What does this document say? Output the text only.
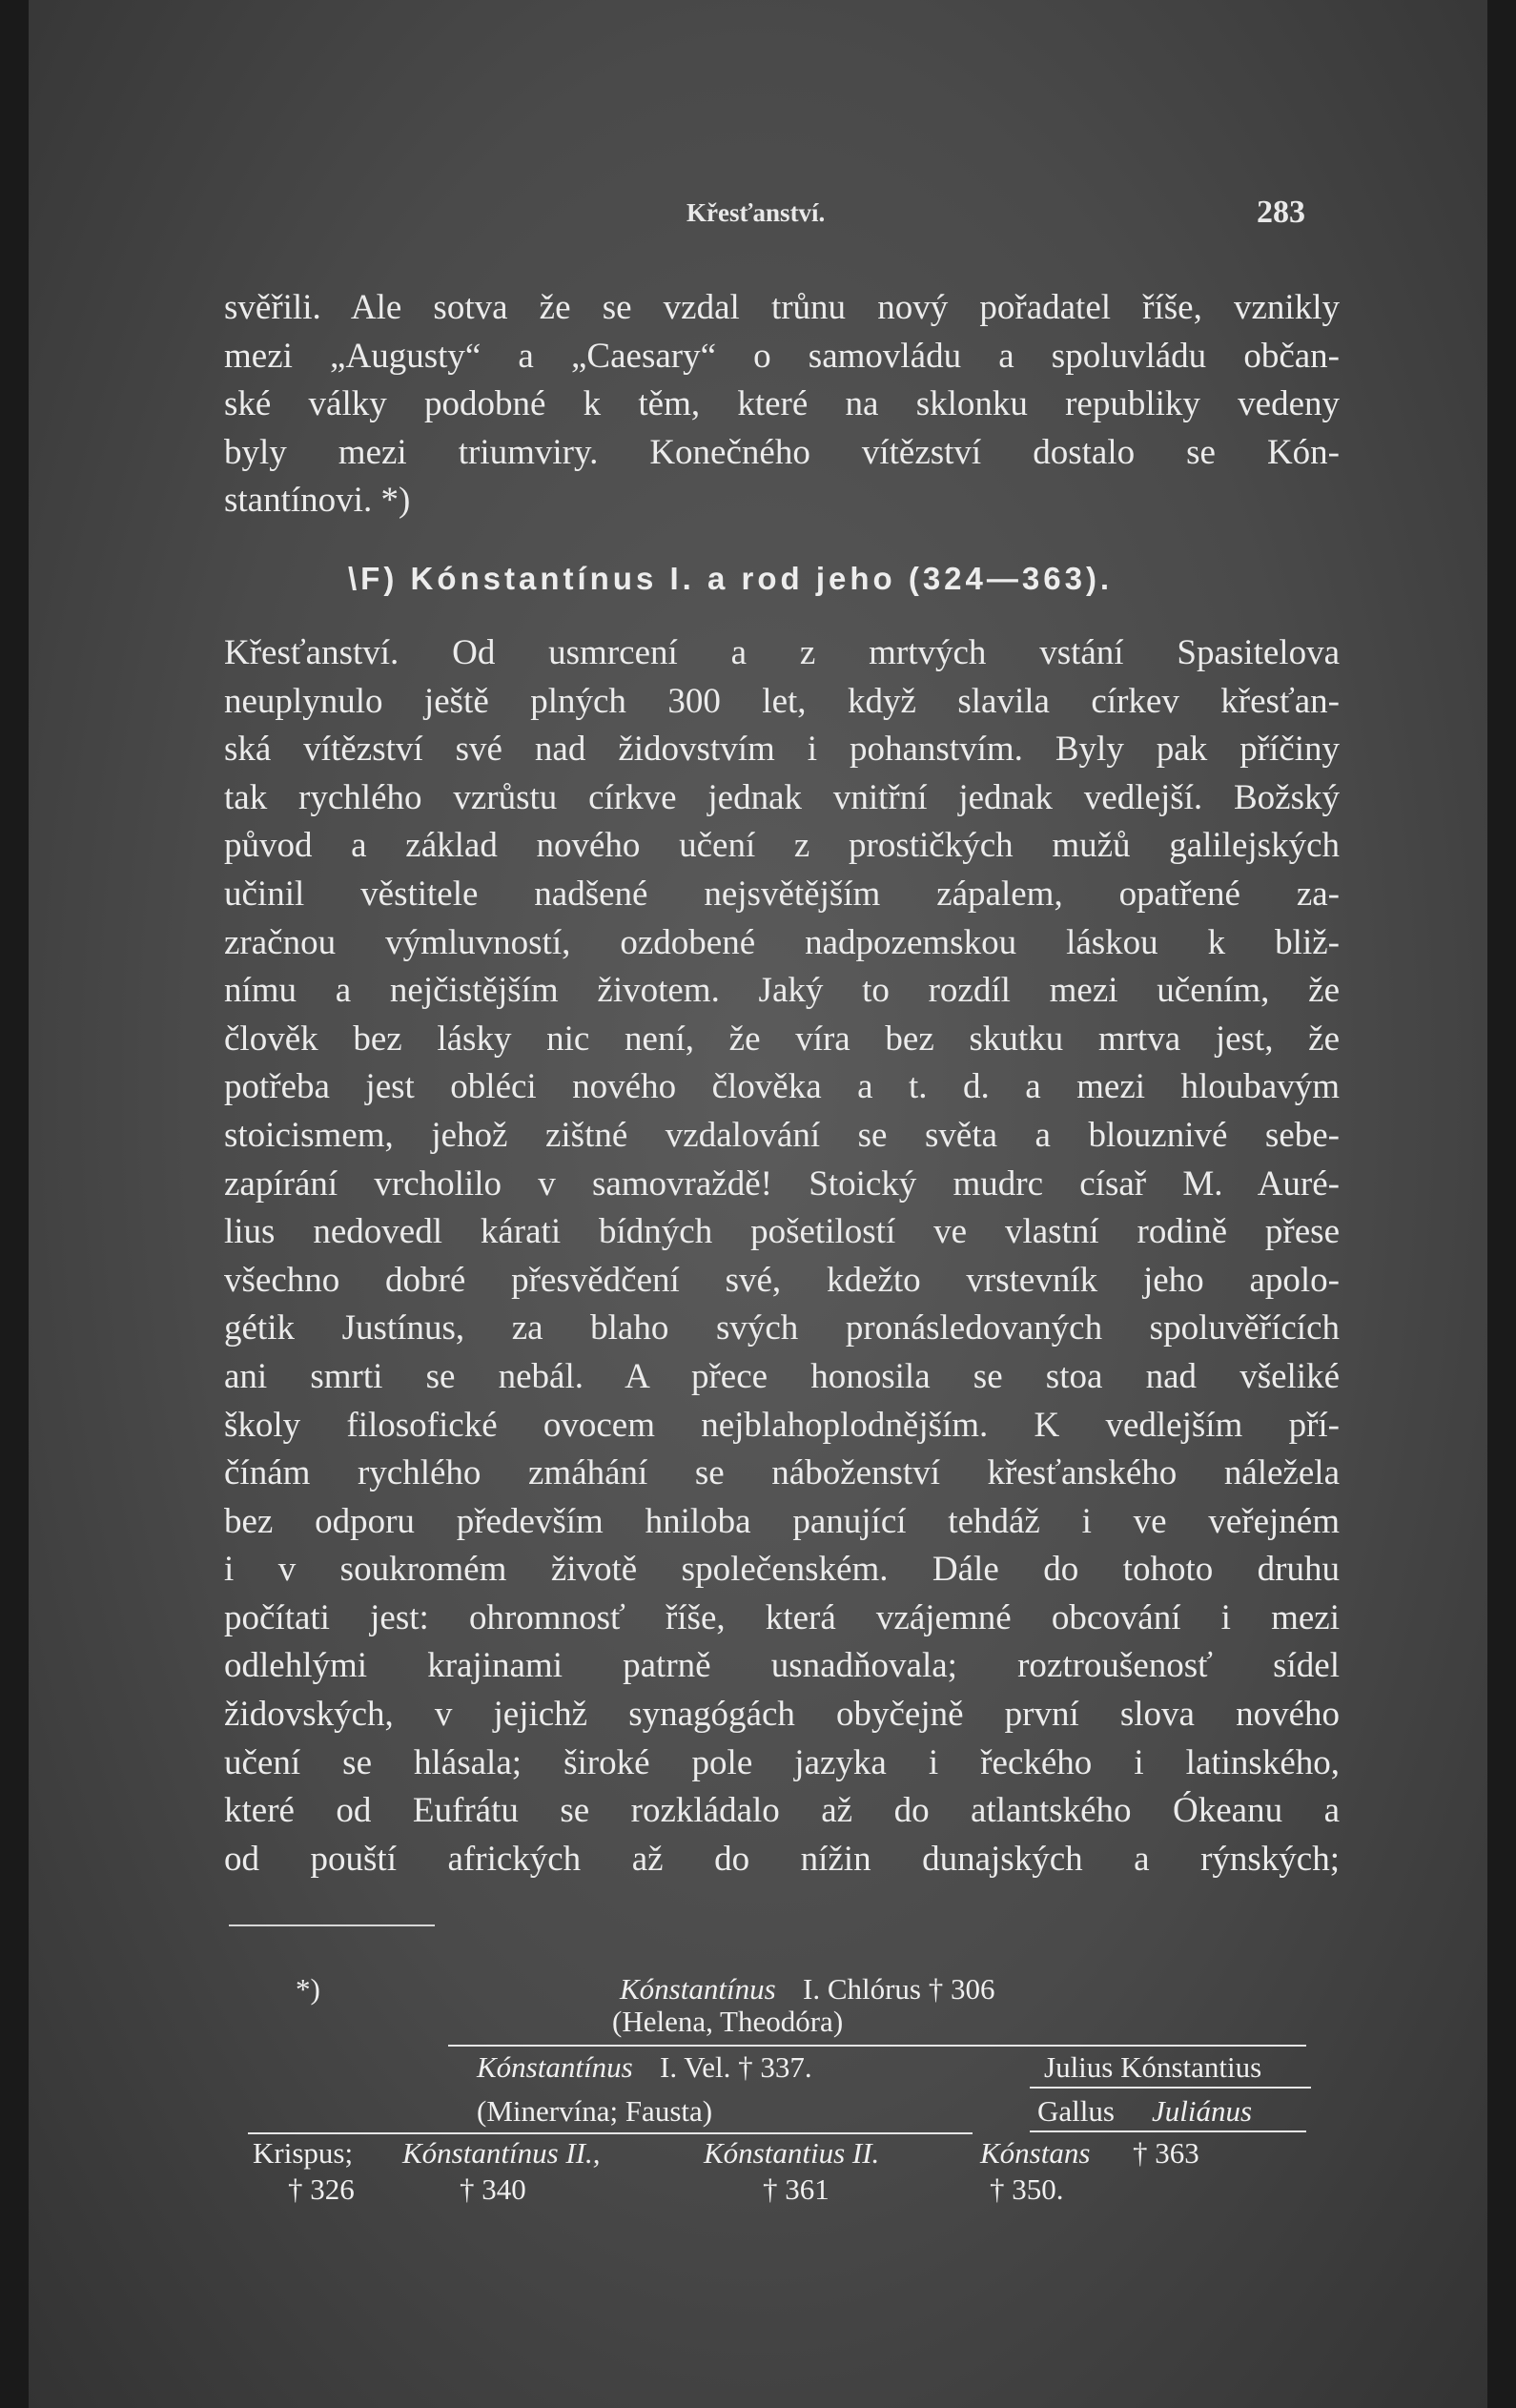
Křesťanství.	283
svěřili. Ale sotva že se vzdal trůnu nový pořadatel říše, vznikly
mezi „Augusty“ a „Caesary“ o samovládu a spoluvládu občan-
ské války podobné k těm, které na sklonku republiky vedeny
byly mezi triumviry. Konečného vítězství dostalo se Kón-
stantínovi. *)
\F) Kónstantínus I. a rod jeho (324—363).
Křesťanství. Od usmrcení a z mrtvých vstání Spasitelova
neuplynulo ještě plných 300 let, když slavila církev křesťan-
ská vítězství své nad židovstvím i pohanstvím. Byly pak příčiny
tak rychlého vzrůstu církve jednak vnitřní jednak vedlejší. Božský
původ a základ nového učení z prostičkých mužů galilejských
učinil věstitele nadšené nejsvětějším zápalem, opatřené za-
zračnou výmluvností, ozdobené nadpozemskou láskou k bliž-
nímu a nejčistějším životem. Jaký to rozdíl mezi učením, že
člověk bez lásky nic není, že víra bez skutku mrtva jest, že
potřeba jest obléci nového člověka a t. d. a mezi hloubavým
stoicismem, jehož zištné vzdalování se světa a blouznivé sebe-
zapírání vrcholilo v samovraždě! Stoický mudrc císař M. Auré-
lius nedovedl kárati bídných pošetilostí ve vlastní rodině přese
všechno dobré přesvědčení své, kdežto vrstevník jeho apolo-
gétik Justínus, za blaho svých pronásledovaných spoluvěřících
ani smrti se nebál. A přece honosila se stoa nad všeliké
školy filosofické ovocem nejblahoplodnějším. K vedlejším pří-
čínám rychlého zmáhání se náboženství křesťanského náležela
bez odporu především hniloba panující tehdáž i ve veřejném
i v soukromém životě společenském. Dále do tohoto druhu
počítati jest: ohromnosť říše, která vzájemné obcování i mezi
odlehlými krajinami patrně usnadňovala; roztroušenosť sídel
židovských, v jejichž synagógách obyčejně první slova nového
učení se hlásala; široké pole jazyka i řeckého i latinského,
které od Eufrátu se rozkládalo až do atlantského Ókeanu a
od pouští afrických až do nížin dunajských a rýnských;
*)	Kónstantínus I. Chlórus † 306
(Helena, Theodóra)
Kónstantínus I. Vel. † 337.	Julius Kónstantius
(Minervína; Fausta)	Gallus Juliánus
Krispus; Kónstantínus II.,	Kónstantius II.	Kónstans † 363
† 326	† 340	† 361	† 350.
